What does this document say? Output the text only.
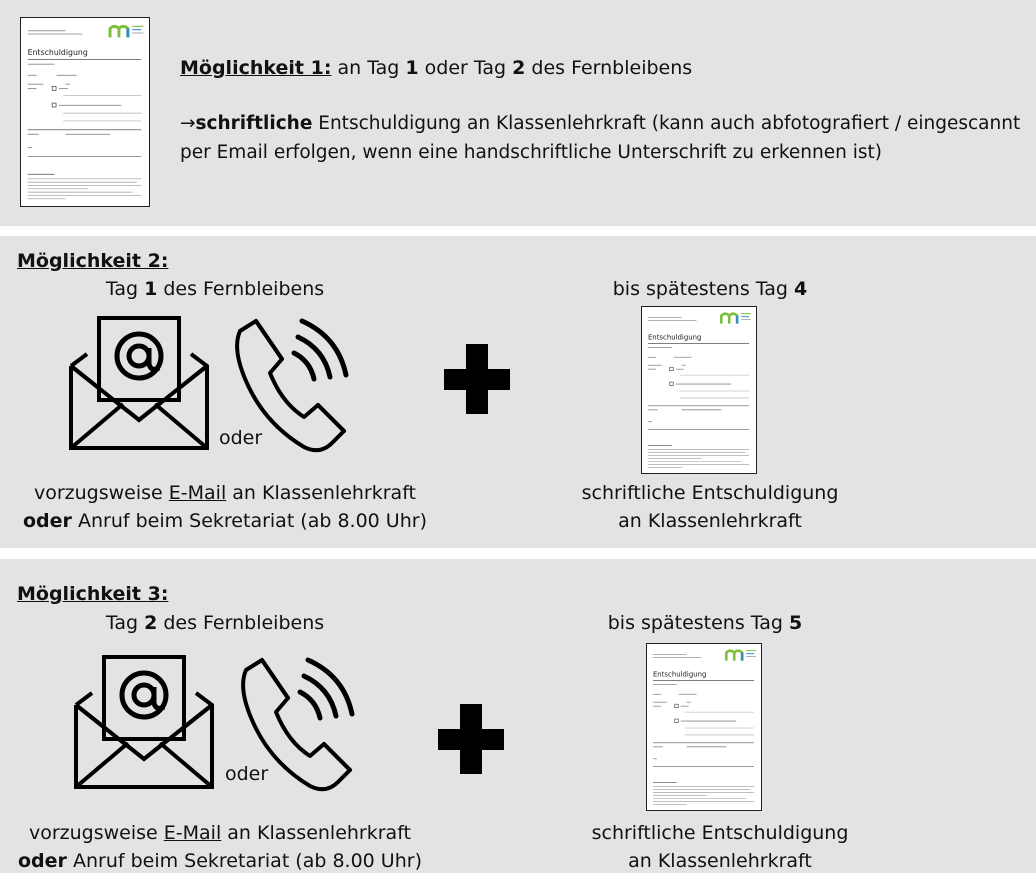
Entschuldigung
Möglichkeit 1: an Tag 1 oder Tag 2 des Fernbleibens
→schriftliche Entschuldigung an Klassenlehrkraft (kann auch abfotografiert / eingescannt
per Email erfolgen, wenn eine handschriftliche Unterschrift zu erkennen ist)
Möglichkeit 2:
Tag 1 des Fernbleibens	bis spätestens Tag 4
oder
Entschuldigung
vorzugsweise E-Mail an Klassenlehrkraft
oder Anruf beim Sekretariat (ab 8.00 Uhr)
schriftliche Entschuldigung
an Klassenlehrkraft
Möglichkeit 3:
Tag 2 des Fernbleibens	bis spätestens Tag 5
oder
Entschuldigung
vorzugsweise E-Mail an Klassenlehrkraft
oder Anruf beim Sekretariat (ab 8.00 Uhr)
schriftliche Entschuldigung
an Klassenlehrkraft
